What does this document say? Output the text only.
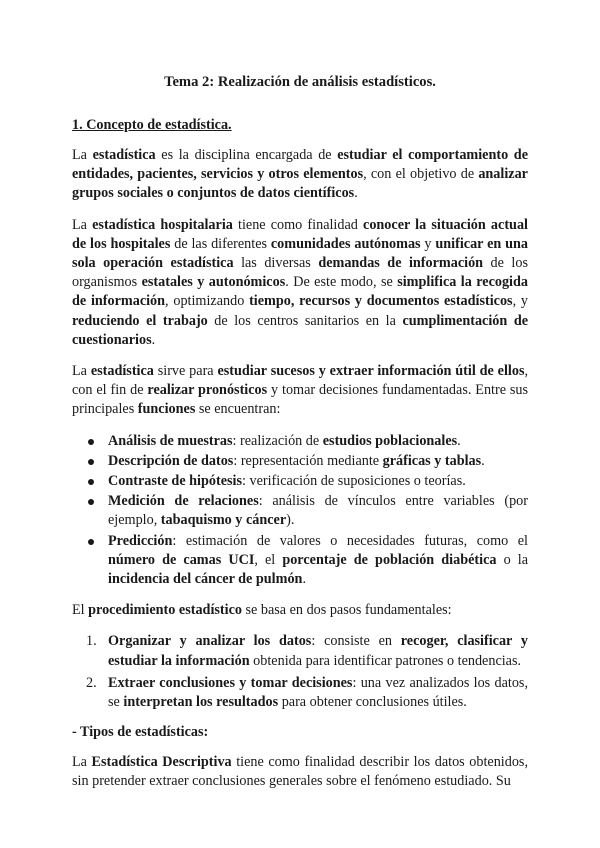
Tema 2: Realización de análisis estadísticos.
1. Concepto de estadística.

La estadística es la disciplina encargada de estudiar el comportamiento de entidades, pacientes, servicios y otros elementos, con el objetivo de analizar grupos sociales o conjuntos de datos científicos.

La estadística hospitalaria tiene como finalidad conocer la situación actual de los hospitales de las diferentes comunidades autónomas y unificar en una sola operación estadística las diversas demandas de información de los organismos estatales y autonómicos. De este modo, se simplifica la recogida de información, optimizando tiempo, recursos y documentos estadísticos, y reduciendo el trabajo de los centros sanitarios en la cumplimentación de cuestionarios.

La estadística sirve para estudiar sucesos y extraer información útil de ellos, con el fin de realizar pronósticos y tomar decisiones fundamentadas. Entre sus principales funciones se encuentran:

Análisis de muestras: realización de estudios poblacionales.
Descripción de datos: representación mediante gráficas y tablas.
Contraste de hipótesis: verificación de suposiciones o teorías.
Medición de relaciones: análisis de vínculos entre variables (por ejemplo, tabaquismo y cáncer).
Predicción: estimación de valores o necesidades futuras, como el número de camas UCI, el porcentaje de población diabética o la incidencia del cáncer de pulmón.

El procedimiento estadístico se basa en dos pasos fundamentales:

1. Organizar y analizar los datos: consiste en recoger, clasificar y estudiar la información obtenida para identificar patrones o tendencias.
2. Extraer conclusiones y tomar decisiones: una vez analizados los datos, se interpretan los resultados para obtener conclusiones útiles.
- Tipos de estadísticas:

La Estadística Descriptiva tiene como finalidad describir los datos obtenidos, sin pretender extraer conclusiones generales sobre el fenómeno estudiado. Su
